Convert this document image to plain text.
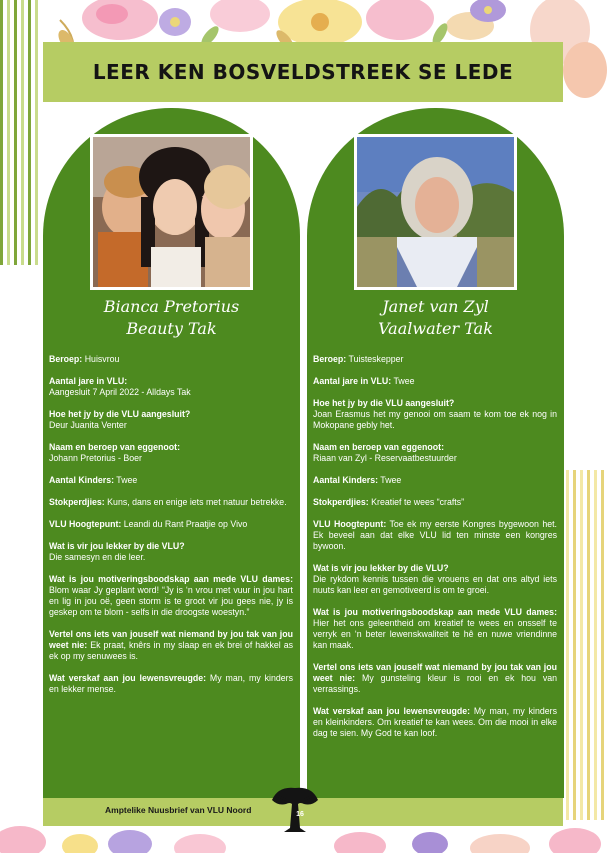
LEER KEN BOSVELDSTREEK SE LEDE
Bianca Pretorius
Beauty Tak

Beroep: Huisvrou

Aantal jare in VLU:
Aangesluit 7 April 2022 - Alldays Tak

Hoe het jy by die VLU aangesluit?
Deur Juanita Venter

Naam en beroep van eggenoot:
Johann Pretorius - Boer

Aantal Kinders: Twee

Stokperdjies: Kuns, dans en enige iets met natuur betrekke.

VLU Hoogtepunt: Leandi du Rant Praatjie op Vivo

Wat is vir jou lekker by die VLU?
Die samesyn en die leer.

Wat is jou motiveringsboodskap aan mede VLU dames: Blom waar Jy geplant word! “Jy is ‘n vrou met vuur in jou hart en lig in jou oë, geen storm is te groot vir jou gees nie, jy is geskep om te blom - selfs in die droogste woestyn.”

Vertel ons iets van jouself wat niemand by jou tak van jou weet nie: Ek praat, knêrs in my slaap en ek brei of hakkel as ek op my senuwees is.

Wat verskaf aan jou lewensvreugde: My man, my kinders en lekker mense.

Janet van Zyl
Vaalwater Tak

Beroep: Tuisteskepper

Aantal jare in VLU: Twee

Hoe het jy by die VLU aangesluit?
Joan Erasmus het my genooi om saam te kom toe ek nog in Mokopane gebly het.

Naam en beroep van eggenoot:
Riaan van Zyl - Reservaatbestuurder

Aantal Kinders: Twee

Stokperdjies: Kreatief te wees “crafts”

VLU Hoogtepunt: Toe ek my eerste Kongres bygewoon het. Ek beveel aan dat elke VLU lid ten minste een kongres bywoon.

Wat is vir jou lekker by die VLU?
Die rykdom kennis tussen die vrouens en dat ons altyd iets nuuts kan leer en gemotiveerd is om te groei.

Wat is jou motiveringsboodskap aan mede VLU dames: Hier het ons geleentheid om kreatief te wees en onsself te verryk en ‘n beter lewenskwaliteit te hê en nuwe vriendinne kan maak.

Vertel ons iets van jouself wat niemand by jou tak van jou weet nie: My gunsteling kleur is rooi en ek hou van verrassings.

Wat verskaf aan jou lewensvreugde: My man, my kinders en kleinkinders. Om kreatief te kan wees. Om die mooi in elke dag te sien. My God te kan loof.

Amptelike Nuusbrief van VLU Noord	16
